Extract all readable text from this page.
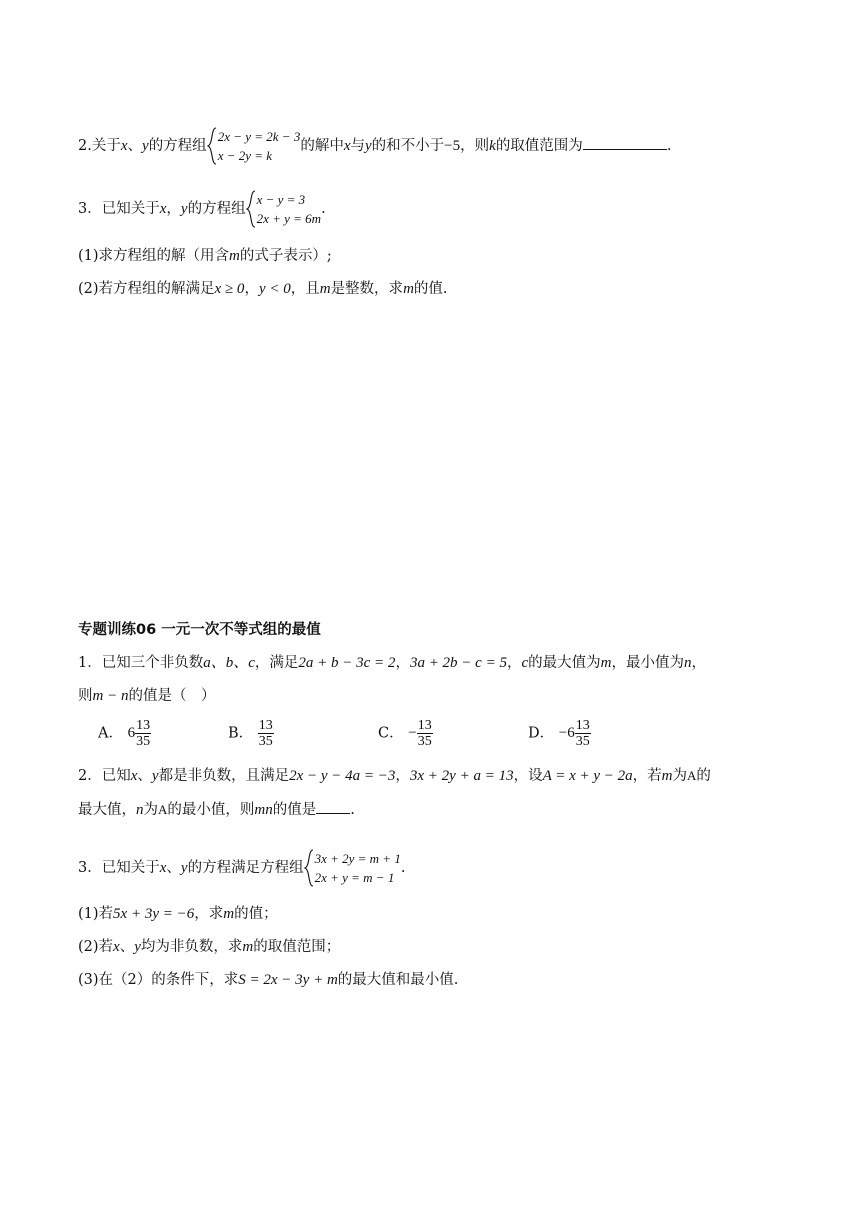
2.关于x、y的方程组
2x − y = 2k − 3
x − 2y = k
的解中x与y的和不小于−5，则k的取值范围为	.
3．已知关于x，y的方程组
x − y = 3
2x + y = 6m
.
(1)求方程组的解（用含m的式子表示）;
(2)若方程组的解满足x ≥ 0，y < 0，且m是整数，求m的值.
专题训练06 一元一次不等式组的最值
1．已知三个非负数a、b、c，满足2a + b − 3c = 2，3a + 2b − c = 5，c的最大值为m，最小值为n，
则m − n的值是（　）
A． $6 \frac{13}{35}$	B． $\frac{13}{35}$	C． − $\frac{13}{35}$	D． $-6 \frac{13}{35}$
2．已知x、y都是非负数，且满足2x − y − 4a = −3，3x + 2y + a = 13，设A = x + y − 2a，若m为A的
最大值，n为A的最小值，则mn的值是 .
3．已知关于x、y的方程满足方程组
3x + 2y = m + 1
2x + y = m − 1
.
(1)若5x + 3y = −6，求m的值；
(2)若x、y均为非负数，求m的取值范围；
(3)在（2）的条件下，求S = 2x − 3y + m的最大值和最小值.
